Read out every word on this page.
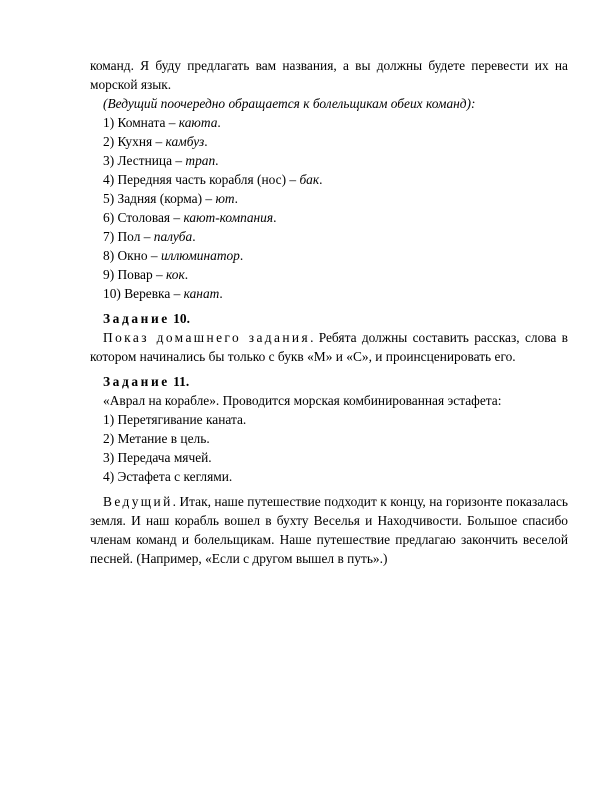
команд. Я буду предлагать вам названия, а вы должны будете перевести их на морской язык.

(Ведущий поочередно обращается к болельщикам обеих команд):

1) Комната – каюта.

2) Кухня – камбуз.

3) Лестница – трап.

4) Передняя часть корабля (нос) – бак.

5) Задняя (корма) – ют.

6) Столовая – кают-компания.

7) Пол – палуба.

8) Окно – иллюминатор.

9) Повар – кок.

10) Веревка – канат.

Задание 10.

Показ домашнего задания. Ребята должны составить рассказ, слова в котором начинались бы только с букв «М» и «С», и проинсценировать его.

Задание 11.

«Аврал на корабле». Проводится морская комбинированная эстафета:

1) Перетягивание каната.

2) Метание в цель.

3) Передача мячей.

4) Эстафета с кеглями.

Ведущий. Итак, наше путешествие подходит к концу, на горизонте показалась земля. И наш корабль вошел в бухту Веселья и Находчивости. Большое спасибо членам команд и болельщикам. Наше путешествие предлагаю закончить веселой песней. (Например, «Если с другом вышел в путь».)
